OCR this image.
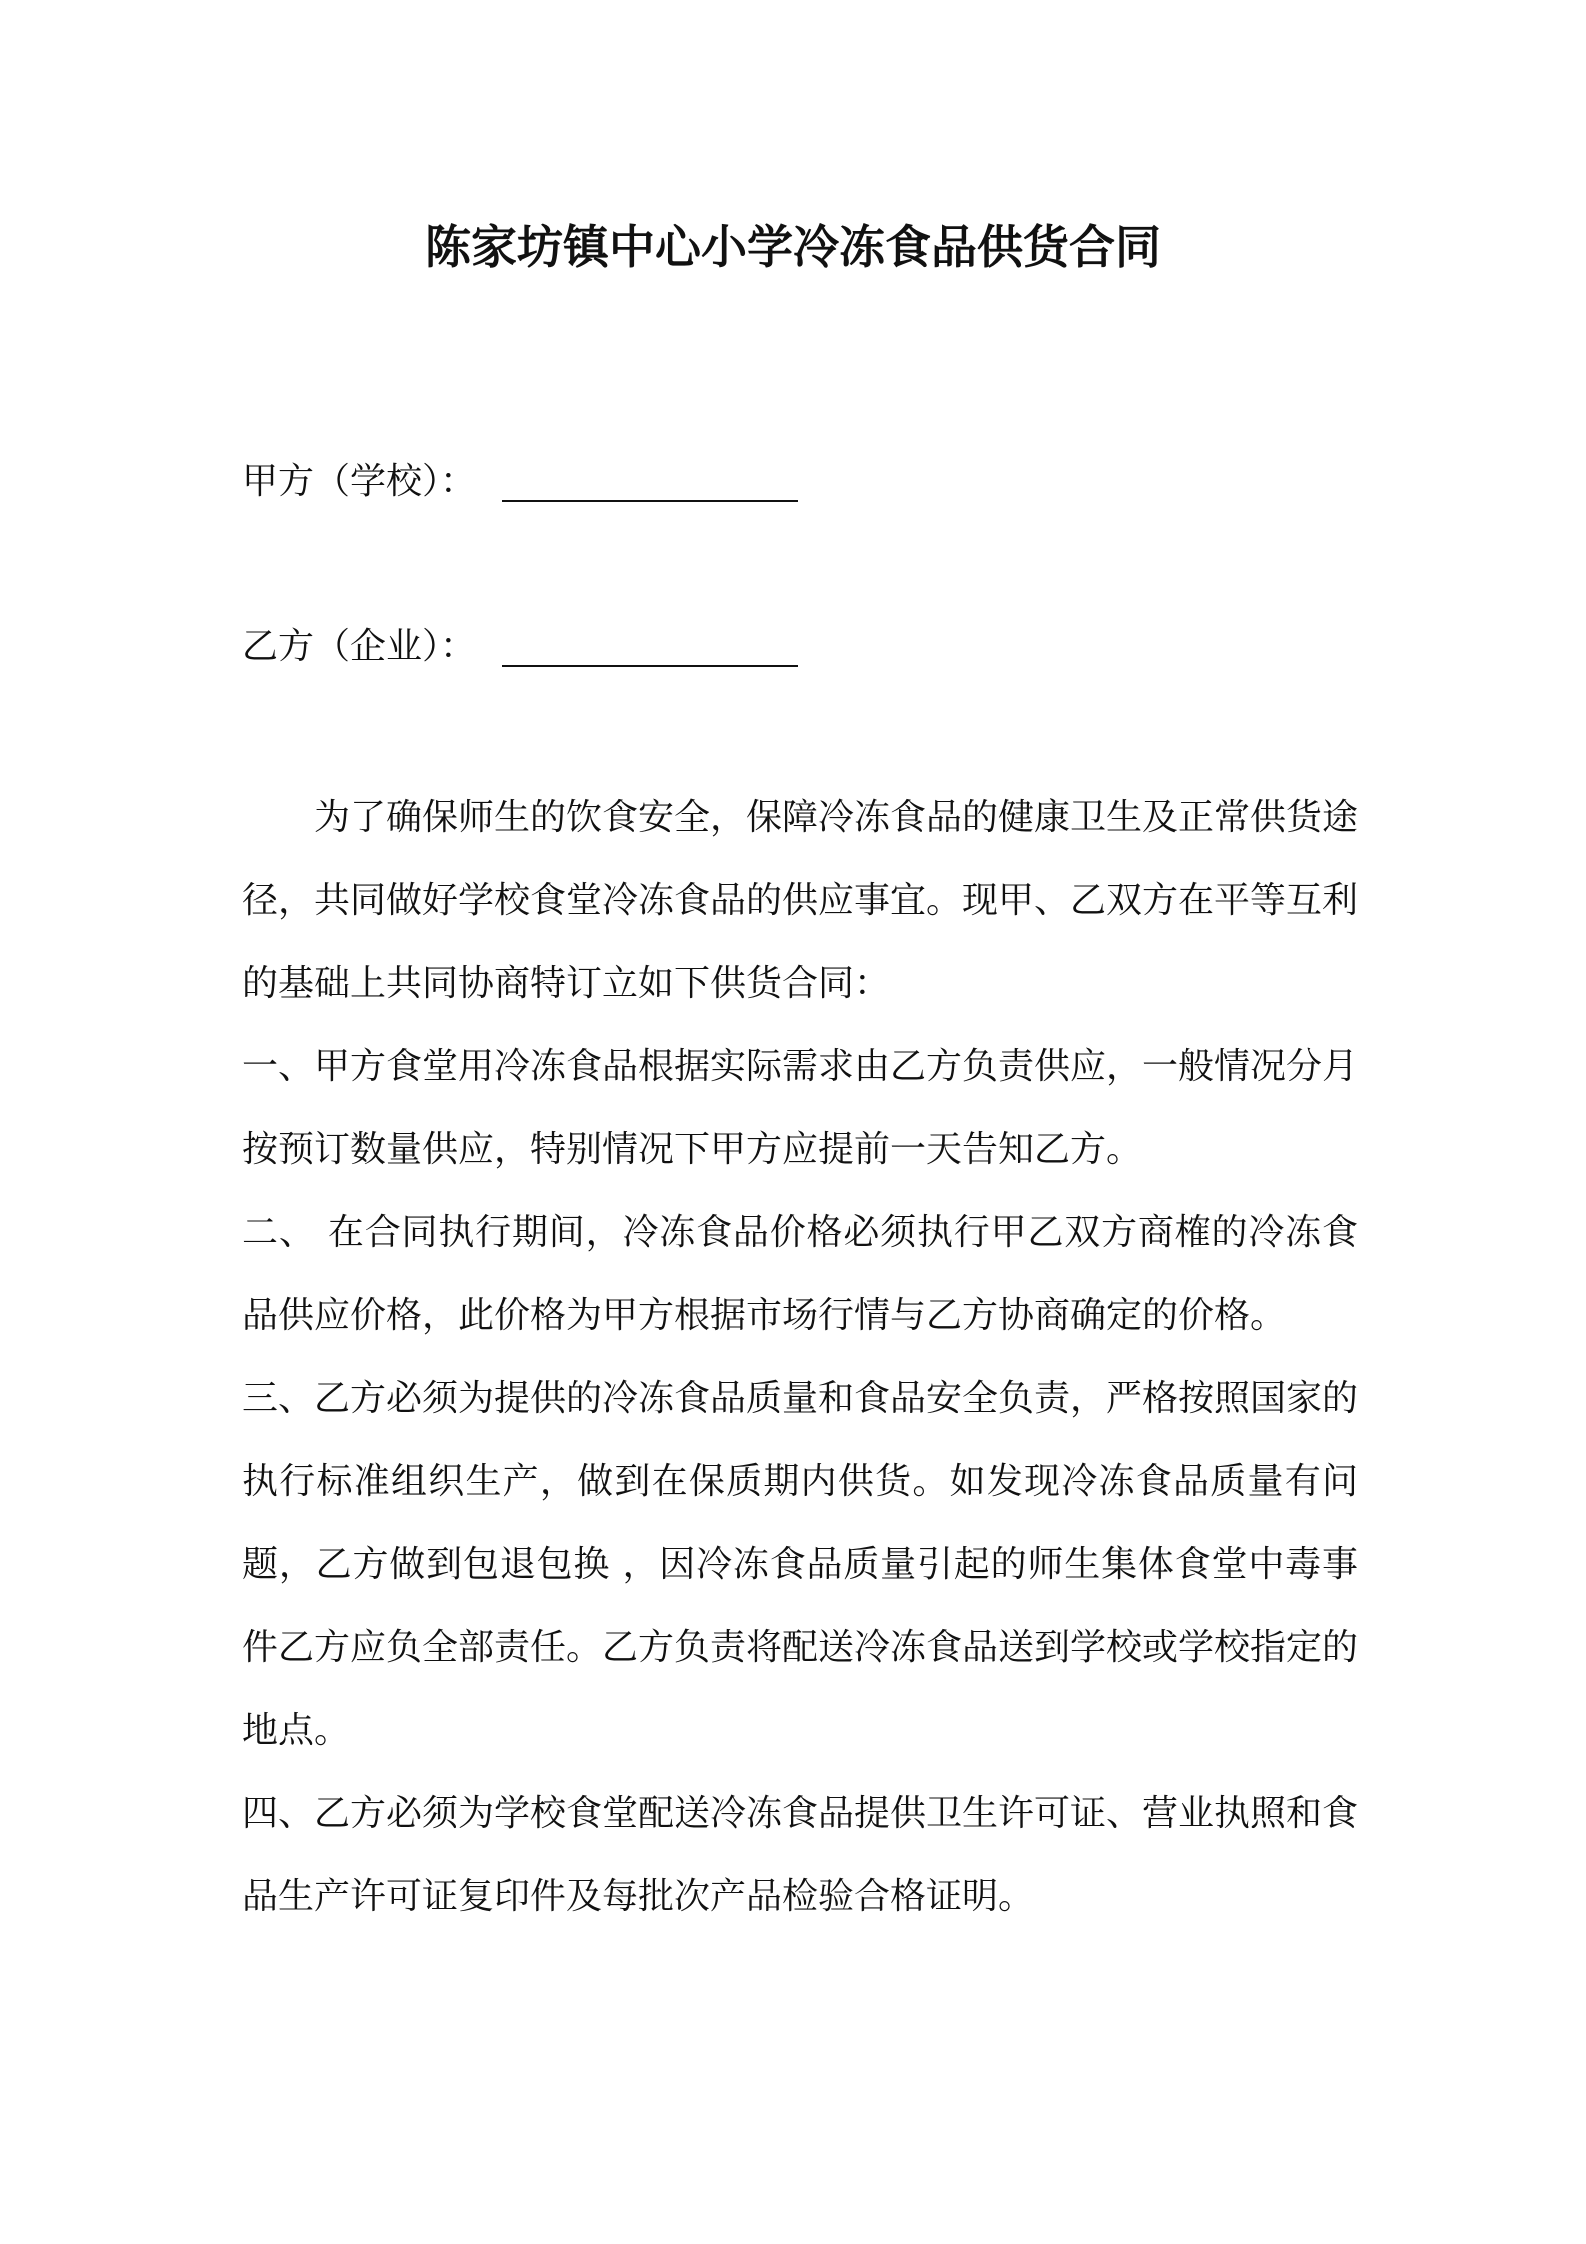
陈家坊镇中心小学冷冻食品供货合同
甲方（学校）：
乙方（企业）：

为了确保师生的饮食安全，保障冷冻食品的健康卫生及正常供货途径，共同做好学校食堂冷冻食品的供应事宜。现甲、乙双方在平等互利的基础上共同协商特订立如下供货合同：

一、甲方食堂用冷冻食品根据实际需求由乙方负责供应，一般情况分月按预订数量供应，特别情况下甲方应提前一天告知乙方。

二、 在合同执行期间，冷冻食品价格必须执行甲乙双方商榷的冷冻食品供应价格，此价格为甲方根据市场行情与乙方协商确定的价格。

三、乙方必须为提供的冷冻食品质量和食品安全负责，严格按照国家的执行标准组织生产，做到在保质期内供货。如发现冷冻食品质量有问题，乙方做到包退包换 ，因冷冻食品质量引起的师生集体食堂中毒事件乙方应负全部责任。乙方负责将配送冷冻食品送到学校或学校指定的地点。

四、乙方必须为学校食堂配送冷冻食品提供卫生许可证、营业执照和食品生产许可证复印件及每批次产品检验合格证明。
